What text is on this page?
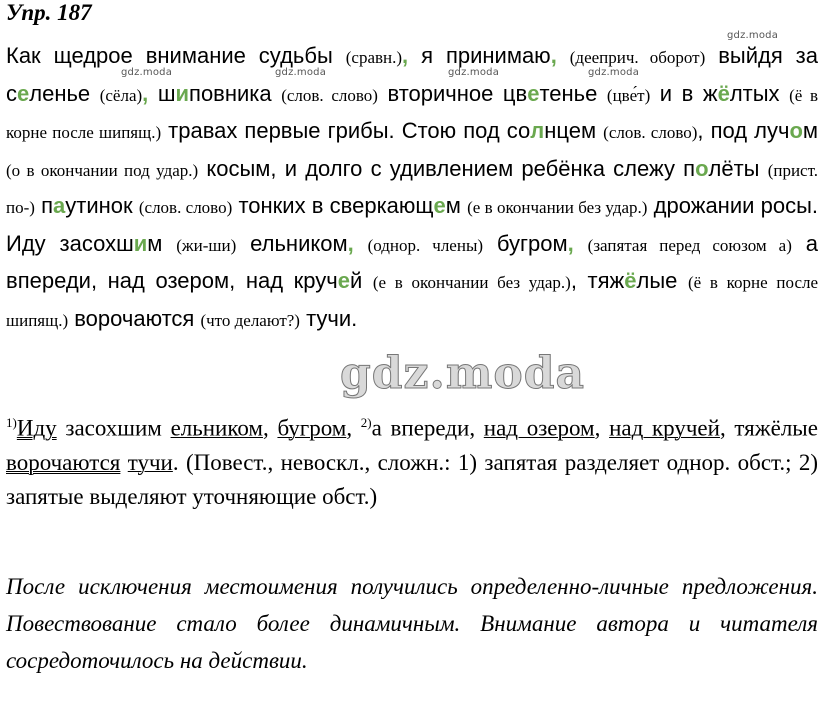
Упр. 187
gdz.moda
gdz.moda	gdz.moda	gdz.moda	gdz.moda
Как щедрое внимание судьбы (сравн.), я принимаю, (дееприч. оборот) выйдя за селенье (сёла), шиповника (слов. слово) вторичное цветенье (цве́т) и в жёлтых (ё в корне после шипящ.) травах первые грибы. Стою под солнцем (слов. слово), под лучом (о в окончании под удар.) косым, и долго с удивлением ребёнка слежу полёты (прист. по-) паутинок (слов. слово) тонких в сверкающем (е в окончании без удар.) дрожании росы. Иду засохшим (жи-ши) ельником, (однор. члены) бугром, (запятая перед союзом а) а впереди, над озером, над кручей (е в окончании без удар.), тяжёлые (ё в корне после шипящ.) ворочаются (что делают?) тучи.
gdz.moda
$^{1)}$Иду засохшим ельником, бугром, $^{2)}$а впереди, над озером, над кручей, тяжёлые ворочаются тучи. (Повест., невоскл., сложн.: 1) запятая разделяет однор. обст.; 2) запятые выделяют уточняющие обст.)
После исключения местоимения получились определенно-личные предложения. Повествование стало более динамичным. Внимание автора и читателя сосредоточилось на действии.
